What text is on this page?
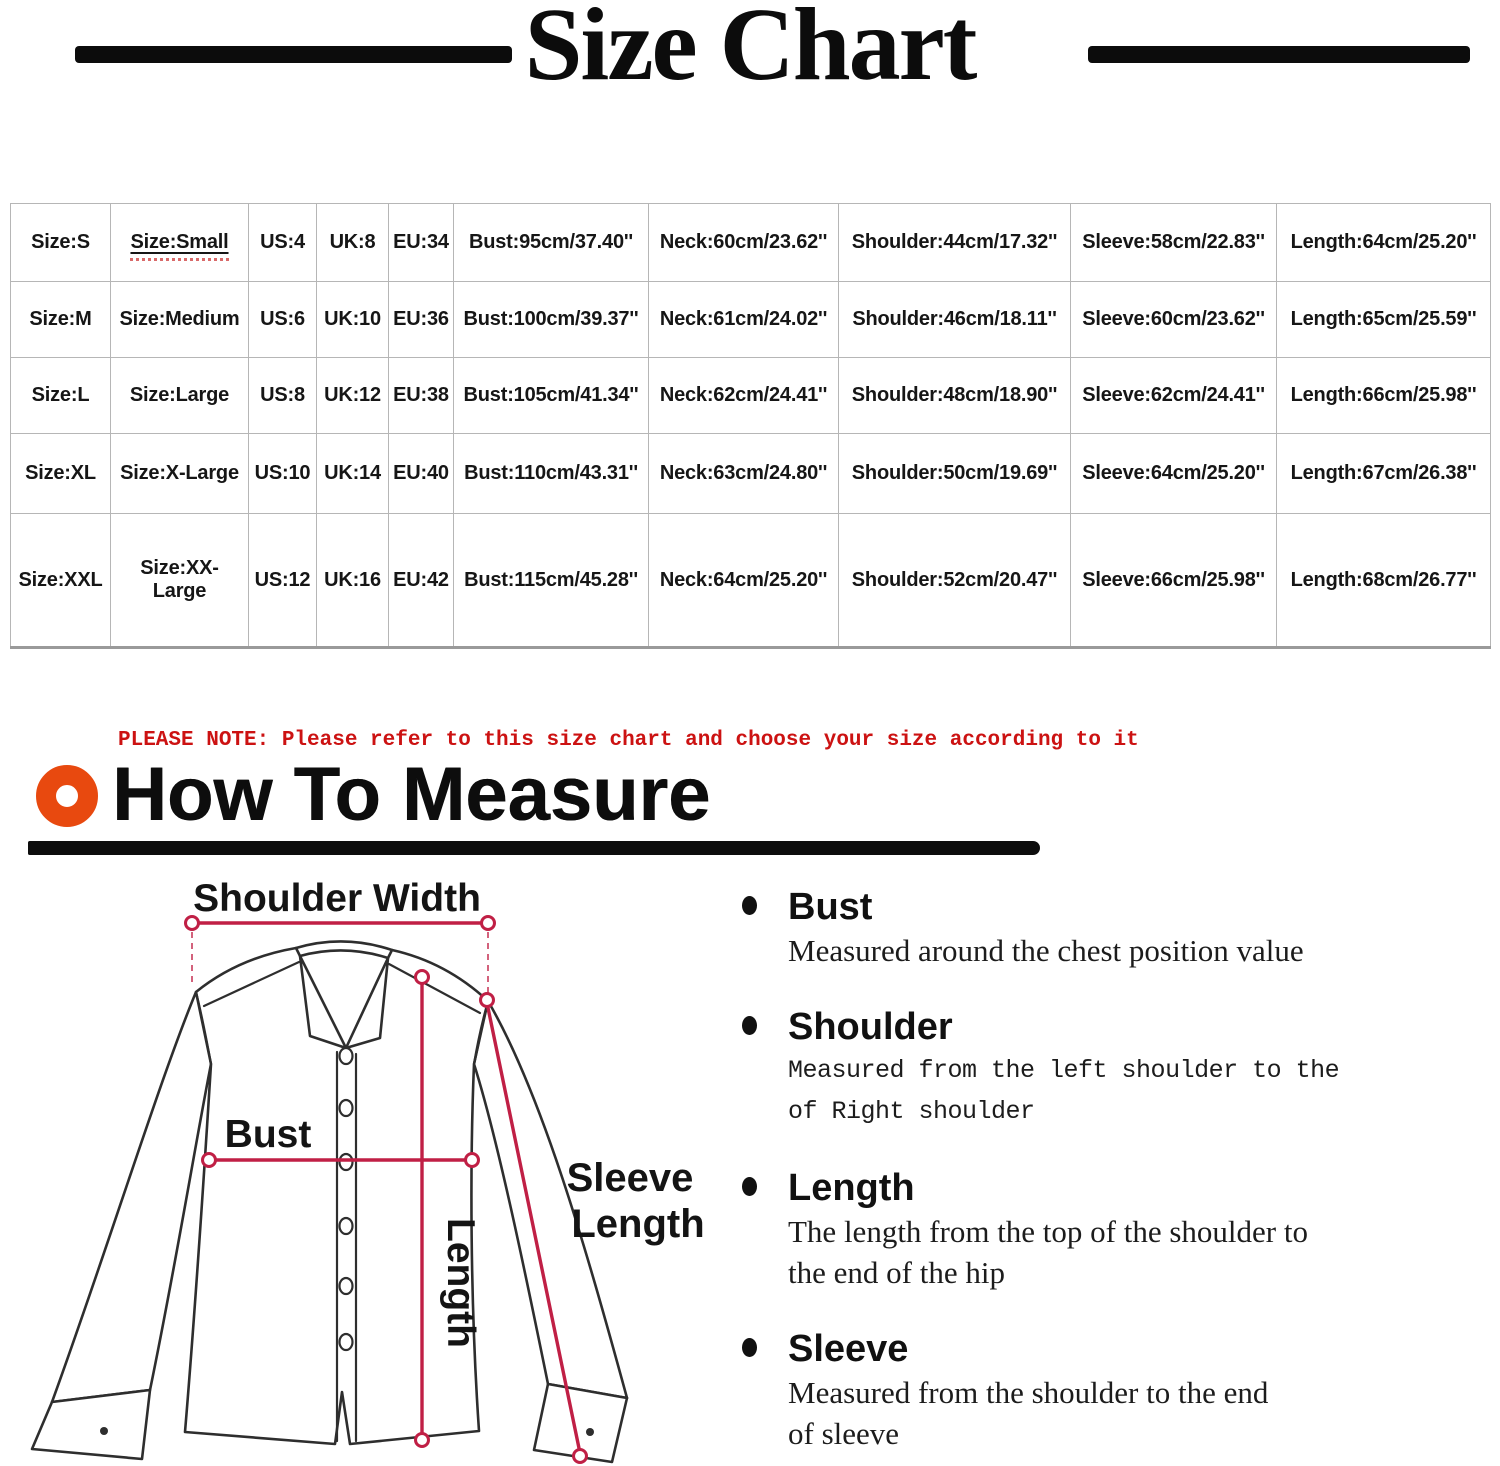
Size Chart
Size:S	Size:Small	US:4	UK:8	EU:34	Bust:95cm/37.40''	Neck:60cm/23.62''	Shoulder:44cm/17.32''	Sleeve:58cm/22.83''	Length:64cm/25.20''
Size:M	Size:Medium	US:6	UK:10	EU:36	Bust:100cm/39.37''	Neck:61cm/24.02''	Shoulder:46cm/18.11''	Sleeve:60cm/23.62''	Length:65cm/25.59''
Size:L	Size:Large	US:8	UK:12	EU:38	Bust:105cm/41.34''	Neck:62cm/24.41''	Shoulder:48cm/18.90''	Sleeve:62cm/24.41''	Length:66cm/25.98''
Size:XL	Size:X-Large	US:10	UK:14	EU:40	Bust:110cm/43.31''	Neck:63cm/24.80''	Shoulder:50cm/19.69''	Sleeve:64cm/25.20''	Length:67cm/26.38''
Size:XXL	Size:XX-Large	US:12	UK:16	EU:42	Bust:115cm/45.28''	Neck:64cm/25.20''	Shoulder:52cm/20.47''	Sleeve:66cm/25.98''	Length:68cm/26.77''
PLEASE NOTE: Please refer to this size chart and choose your size according to it
How To Measure
Shoulder Width
Bust
Length
Sleeve
Length
Bust
Measured around the chest position value
Shoulder
Measured from the left shoulder to the
of Right shoulder
Length
The length from the top of the shoulder to
the end of the hip
Sleeve
Measured from the shoulder to the end
of sleeve
